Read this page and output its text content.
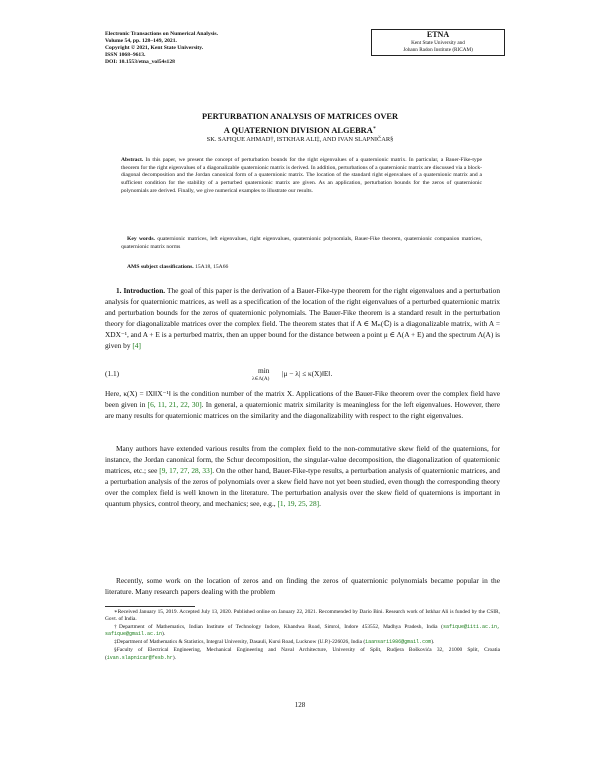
Electronic Transactions on Numerical Analysis.
Volume 54, pp. 128–149, 2021.
Copyright © 2021, Kent State University.
ISSN 1068–9613.
DOI: 10.1553/etna_vol54s128
ETNA
Kent State University and
Johann Radon Institute (RICAM)
PERTURBATION ANALYSIS OF MATRICES OVER
A QUATERNION DIVISION ALGEBRA∗
SK. SAFIQUE AHMAD†, ISTKHAR ALI‡, AND IVAN SLAPNIČAR§
Abstract. In this paper, we present the concept of perturbation bounds for the right eigenvalues of a quaternionic matrix. In particular, a Bauer-Fike-type theorem for the right eigenvalues of a diagonalizable quaternionic matrix is derived. In addition, perturbations of a quaternionic matrix are discussed via a block-diagonal decomposition and the Jordan canonical form of a quaternionic matrix. The location of the standard right eigenvalues of a quaternionic matrix and a sufficient condition for the stability of a perturbed quaternionic matrix are given. As an application, perturbation bounds for the zeros of quaternionic polynomials are derived. Finally, we give numerical examples to illustrate our results.
Key words. quaternionic matrices, left eigenvalues, right eigenvalues, quaternionic polynomials, Bauer-Fike theorem, quaternionic companion matrices, quaternionic matrix norms
AMS subject classifications. 15A18, 15A66
1. Introduction. The goal of this paper is the derivation of a Bauer-Fike-type theorem for the right eigenvalues and a perturbation analysis for quaternionic matrices, as well as a specification of the location of the right eigenvalues of a perturbed quaternionic matrix and perturbation bounds for the zeros of quaternionic polynomials. The Bauer-Fike theorem is a standard result in the perturbation theory for diagonalizable matrices over the complex field. The theorem states that if A ∈ Mₙ(ℂ) is a diagonalizable matrix, with A = XDX⁻¹, and A + E is a perturbed matrix, then an upper bound for the distance between a point μ ∈ Λ(A + E) and the spectrum Λ(A) is given by [4]
(1.1)	min
λ∈Λ(A)
|μ − λ| ≤ κ(X)‖E‖.
Here, κ(X) = ‖X‖‖X⁻¹‖ is the condition number of the matrix X. Applications of the Bauer-Fike theorem over the complex field have been given in [6, 11, 21, 22, 30]. In general, a quaternionic matrix similarity is meaningless for the left eigenvalues. However, there are many results for quaternionic matrices on the similarity and the diagonalizability with respect to the right eigenvalues.
Many authors have extended various results from the complex field to the non-commutative skew field of the quaternions, for instance, the Jordan canonical form, the Schur decomposition, the singular-value decomposition, the diagonalization of quaternionic matrices, etc.; see [9, 17, 27, 28, 33]. On the other hand, Bauer-Fike-type results, a perturbation analysis of quaternionic matrices, and a perturbation analysis of the zeros of polynomials over a skew field have not yet been studied, even though the corresponding theory over the complex field is well known in the literature. The perturbation analysis over the skew field of quaternions is important in quantum physics, control theory, and mechanics; see, e.g., [1, 19, 25, 28].
Recently, some work on the location of zeros and on finding the zeros of quaternionic polynomials became popular in the literature. Many research papers dealing with the problem
∗Received January 15, 2019. Accepted July 13, 2020. Published online on January 22, 2021. Recommended by Dario Bini. Research work of Istkhar Ali is funded by the CSIR, Govt. of India.
†Department of Mathematics, Indian Institute of Technology Indore, Khandwa Road, Simrol, Indore 453552, Madhya Pradesh, India (safique@iiti.ac.in, safique@gmail.ac.in).
‡Department of Mathematics & Statistics, Integral University, Dasauli, Kursi Road, Lucknow (U.P.)-226026, India (iaansari1986@gmail.com).
§Faculty of Electrical Engineering, Mechanical Engineering and Naval Architecture, University of Split, Rudjera Boškovića 32, 21000 Split, Croatia (ivan.slapnicar@fesb.hr).
128
